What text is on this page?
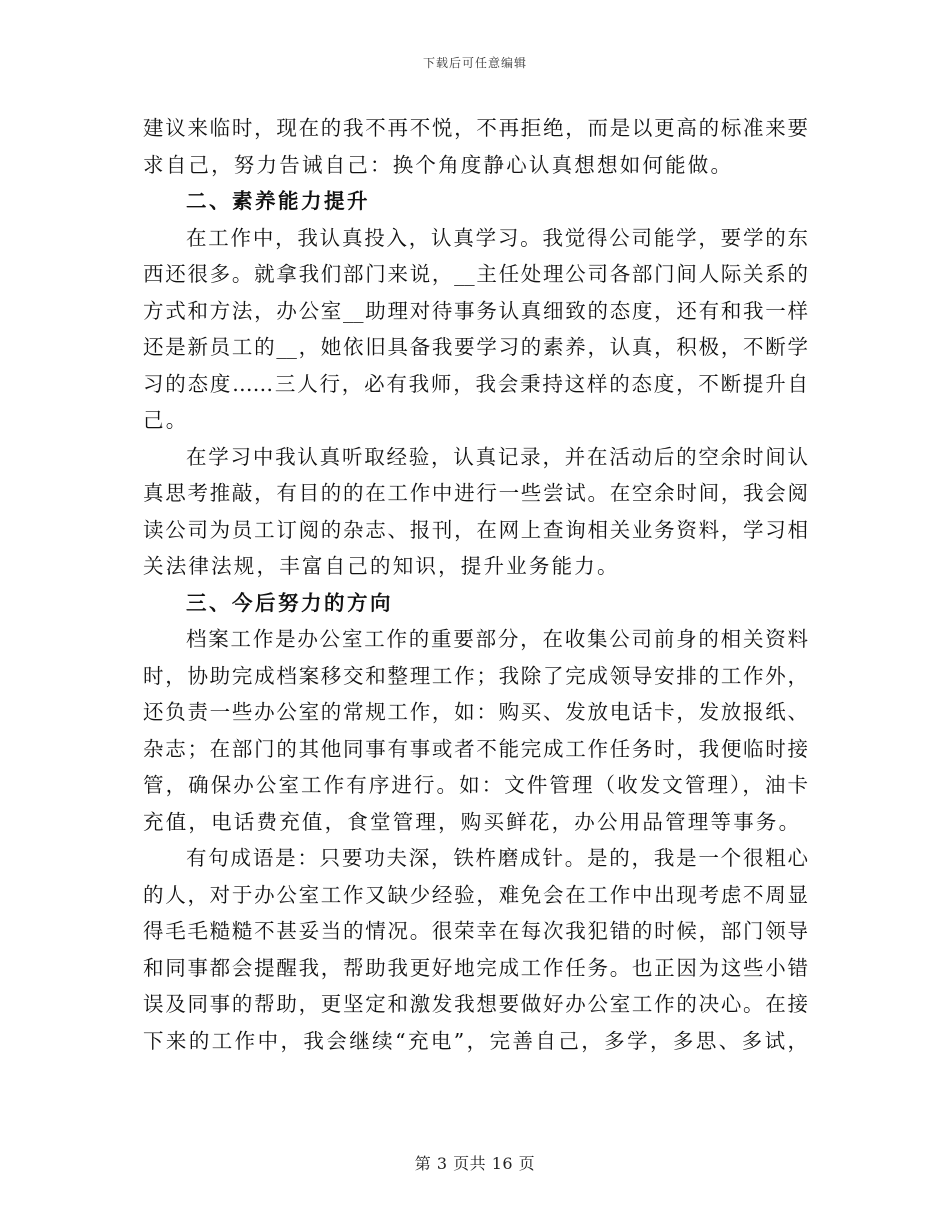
下载后可任意编辑
建议来临时，现在的我不再不悦，不再拒绝，而是以更高的标准来要
求自己，努力告诫自己：换个角度静心认真想想如何能做。
二、素养能力提升
在工作中，我认真投入，认真学习。我觉得公司能学，要学的东
西还很多。就拿我们部门来说，__主任处理公司各部门间人际关系的
方式和方法，办公室__助理对待事务认真细致的态度，还有和我一样
还是新员工的__，她依旧具备我要学习的素养，认真，积极，不断学
习的态度……三人行，必有我师，我会秉持这样的态度，不断提升自
己。
在学习中我认真听取经验，认真记录，并在活动后的空余时间认
真思考推敲，有目的的在工作中进行一些尝试。在空余时间，我会阅
读公司为员工订阅的杂志、报刊，在网上查询相关业务资料，学习相
关法律法规，丰富自己的知识，提升业务能力。
三、今后努力的方向
档案工作是办公室工作的重要部分，在收集公司前身的相关资料
时，协助完成档案移交和整理工作；我除了完成领导安排的工作外，
还负责一些办公室的常规工作，如：购买、发放电话卡，发放报纸、
杂志；在部门的其他同事有事或者不能完成工作任务时，我便临时接
管，确保办公室工作有序进行。如：文件管理（收发文管理），油卡
充值，电话费充值，食堂管理，购买鲜花，办公用品管理等事务。
有句成语是：只要功夫深，铁杵磨成针。是的，我是一个很粗心
的人，对于办公室工作又缺少经验，难免会在工作中出现考虑不周显
得毛毛糙糙不甚妥当的情况。很荣幸在每次我犯错的时候，部门领导
和同事都会提醒我，帮助我更好地完成工作任务。也正因为这些小错
误及同事的帮助，更坚定和激发我想要做好办公室工作的决心。在接
下来的工作中，我会继续“充电”，完善自己，多学，多思、多试，
第 3 页共 16 页
